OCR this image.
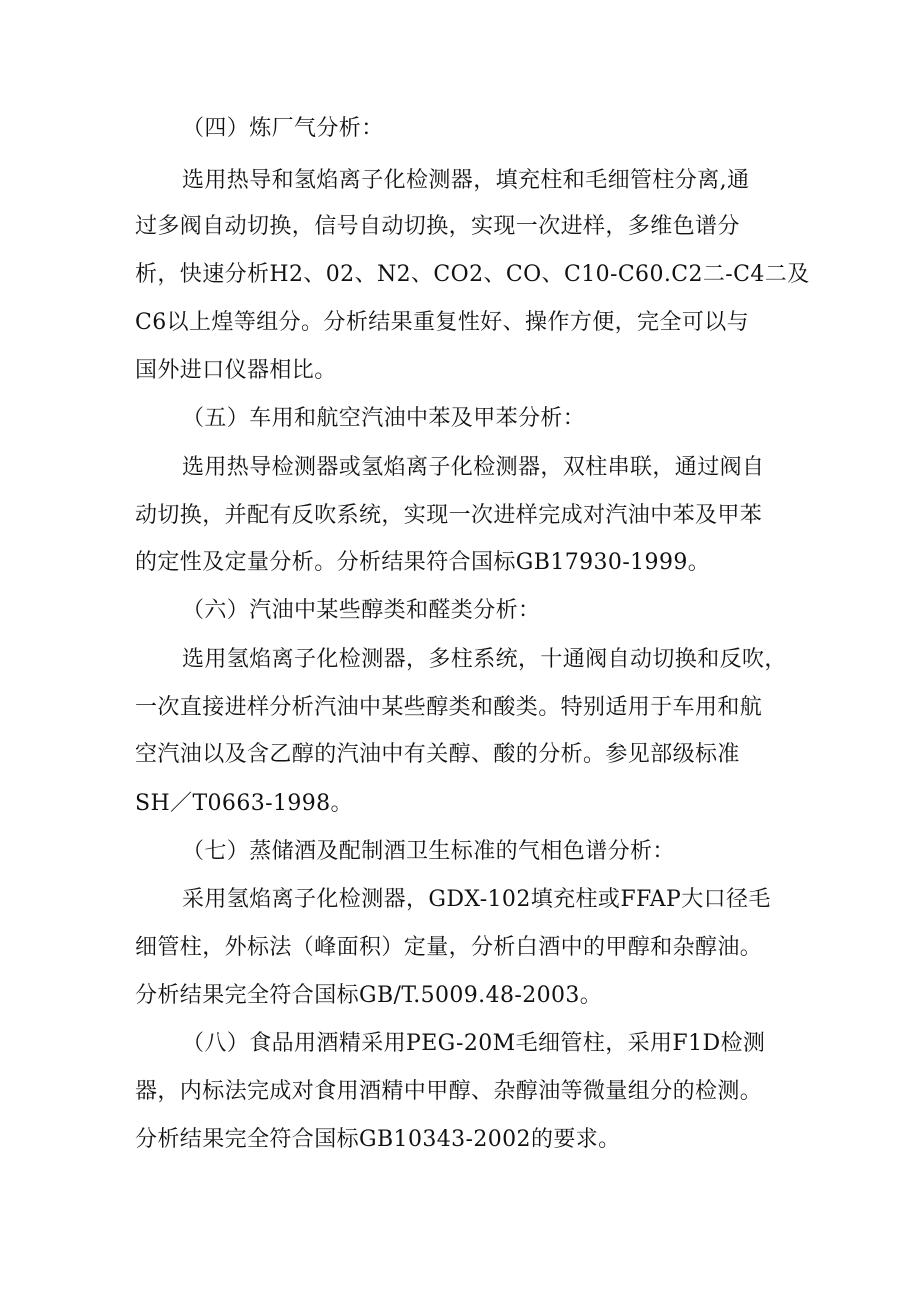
（四）炼厂气分析：
选用热导和氢焰离子化检测器，填充柱和毛细管柱分离,通
过多阀自动切换，信号自动切换，实现一次进样，多维色谱分
析，快速分析H2、02、N2、CO2、CO、C10-C60.C2二-C4二及
C6以上煌等组分。分析结果重复性好、操作方便，完全可以与
国外进口仪器相比。
（五）车用和航空汽油中苯及甲苯分析：
选用热导检测器或氢焰离子化检测器，双柱串联，通过阀自
动切换，并配有反吹系统，实现一次进样完成对汽油中苯及甲苯
的定性及定量分析。分析结果符合国标GB17930-1999。
（六）汽油中某些醇类和醛类分析：
选用氢焰离子化检测器，多柱系统，十通阀自动切换和反吹，
一次直接进样分析汽油中某些醇类和酸类。特别适用于车用和航
空汽油以及含乙醇的汽油中有关醇、酸的分析。参见部级标准
SH／T0663-1998。
（七）蒸储酒及配制酒卫生标准的气相色谱分析：
采用氢焰离子化检测器，GDX-102填充柱或FFAP大口径毛
细管柱，外标法（峰面积）定量，分析白酒中的甲醇和杂醇油。
分析结果完全符合国标GB/T.5009.48-2003。
（八）食品用酒精采用PEG-20M毛细管柱，采用F1D检测
器，内标法完成对食用酒精中甲醇、杂醇油等微量组分的检测。
分析结果完全符合国标GB10343-2002的要求。
